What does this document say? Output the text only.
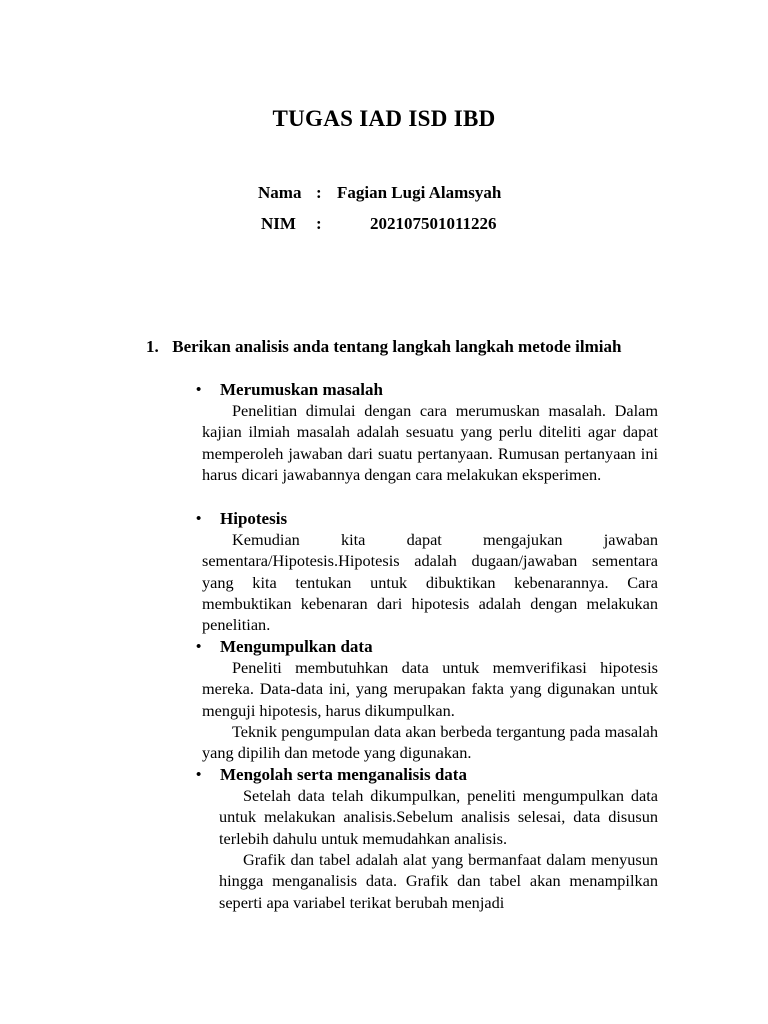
TUGAS IAD ISD IBD
Nama : Fagian Lugi Alamsyah
NIM :	202107501011226
1. Berikan analisis anda tentang langkah langkah metode ilmiah
• Merumuskan masalah

Penelitian dimulai dengan cara merumuskan masalah. Dalam kajian ilmiah masalah adalah sesuatu yang perlu diteliti agar dapat memperoleh jawaban dari suatu pertanyaan. Rumusan pertanyaan ini harus dicari jawabannya dengan cara melakukan eksperimen.

• Hipotesis

Kemudian kita dapat mengajukan jawaban sementara/Hipotesis.Hipotesis adalah dugaan/jawaban sementara yang kita tentukan untuk dibuktikan kebenarannya. Cara membuktikan kebenaran dari hipotesis adalah dengan melakukan penelitian.

• Mengumpulkan data

Peneliti membutuhkan data untuk memverifikasi hipotesis mereka. Data-data ini, yang merupakan fakta yang digunakan untuk menguji hipotesis, harus dikumpulkan.

Teknik pengumpulan data akan berbeda tergantung pada masalah yang dipilih dan metode yang digunakan.

• Mengolah serta menganalisis data

Setelah data telah dikumpulkan, peneliti mengumpulkan data untuk melakukan analisis.Sebelum analisis selesai, data disusun terlebih dahulu untuk memudahkan analisis.

Grafik dan tabel adalah alat yang bermanfaat dalam menyusun hingga menganalisis data. Grafik dan tabel akan menampilkan seperti apa variabel terikat berubah menjadi
